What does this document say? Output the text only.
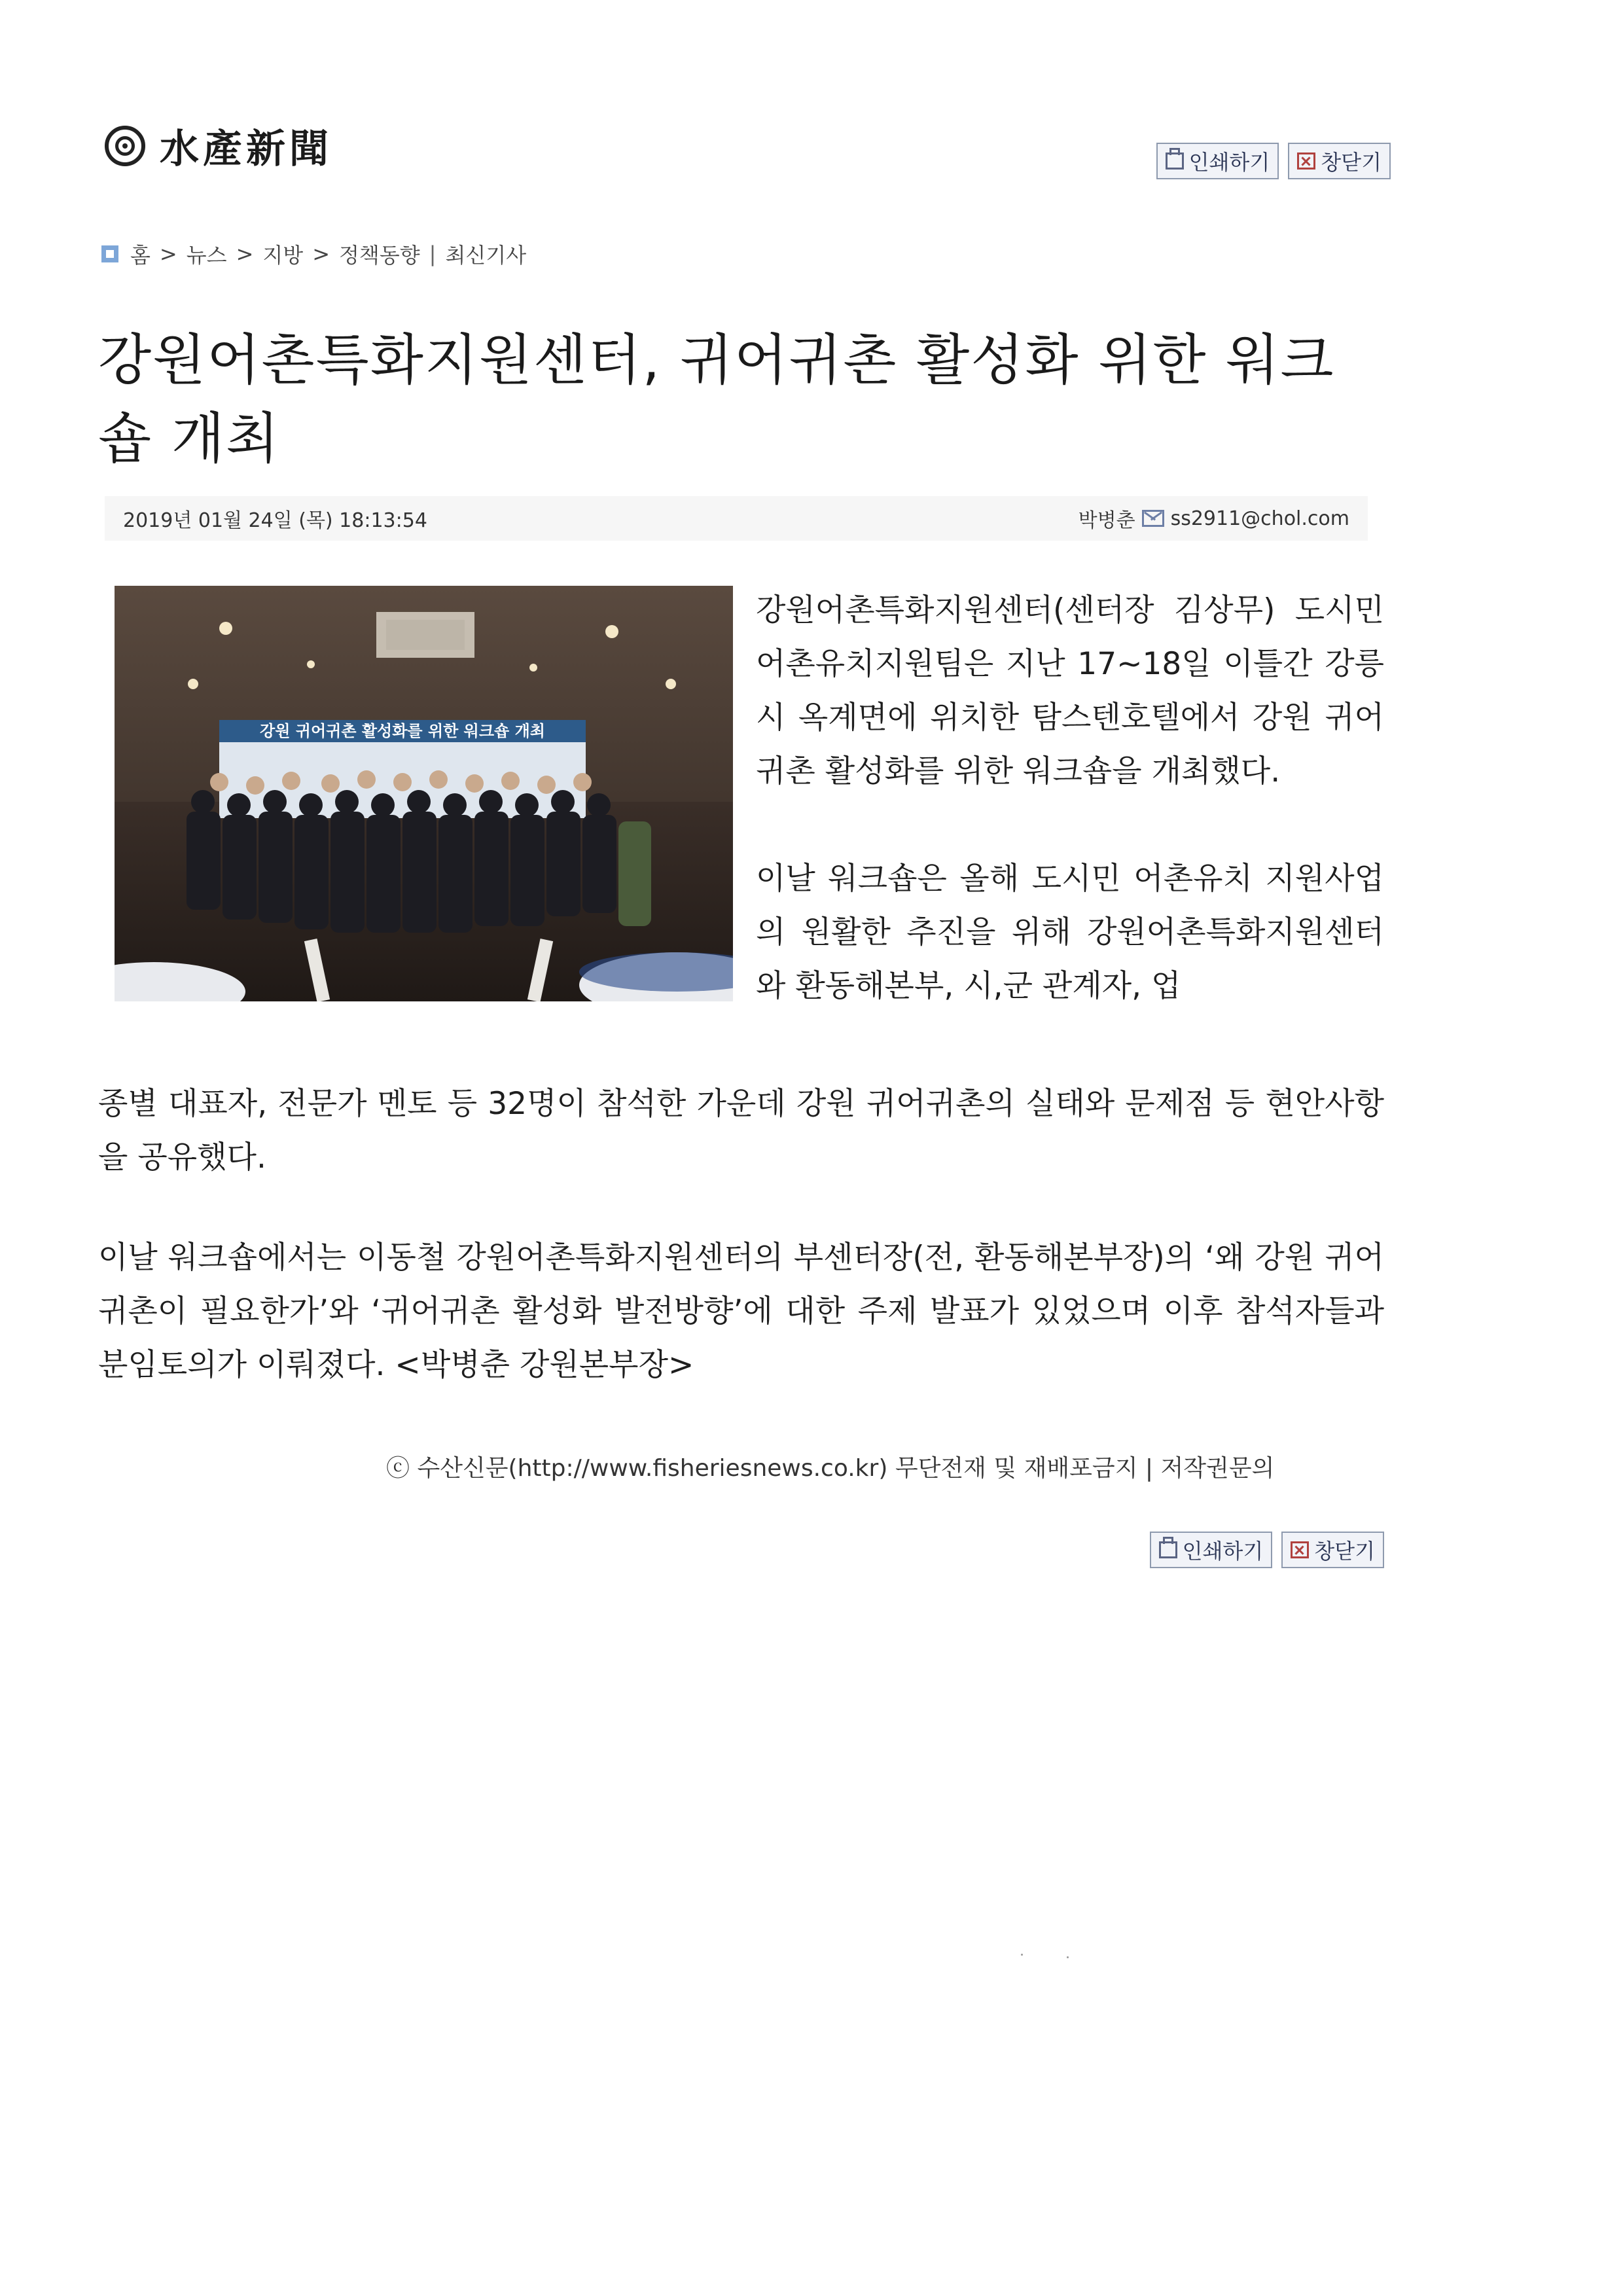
水產新聞	인쇄하기 창닫기
홈 > 뉴스 > 지방 > 정책동향 | 최신기사
강원어촌특화지원센터, 귀어귀촌 활성화 위한 워크숍 개최
2019년 01월 24일 (목) 18:13:54	박병춘 ss2911@chol.com
강원 귀어귀촌 활성화를 위한 워크숍 개최

강원어촌특화지원센터(센터장 김상무) 도시민어촌유치지원팀은 지난 17~18일 이틀간 강릉시 옥계면에 위치한 탐스텐호텔에서 강원 귀어귀촌 활성화를 위한 워크숍을 개최했다.

이날 워크숍은 올해 도시민 어촌유치 지원사업의 원활한 추진을 위해 강원어촌특화지원센터와 환동해본부, 시,군 관계자, 업

종별 대표자, 전문가 멘토 등 32명이 참석한 가운데 강원 귀어귀촌의 실태와 문제점 등 현안사항을 공유했다.

이날 워크숍에서는 이동철 강원어촌특화지원센터의 부센터장(전, 환동해본부장)의 ‘왜 강원 귀어귀촌이 필요한가’와 ‘귀어귀촌 활성화 발전방향’에 대한 주제 발표가 있었으며 이후 참석자들과 분임토의가 이뤄졌다. <박병춘 강원본부장>

ⓒ 수산신문(http://www.fisheriesnews.co.kr) 무단전재 및 재배포금지 | 저작권문의
인쇄하기 창닫기
